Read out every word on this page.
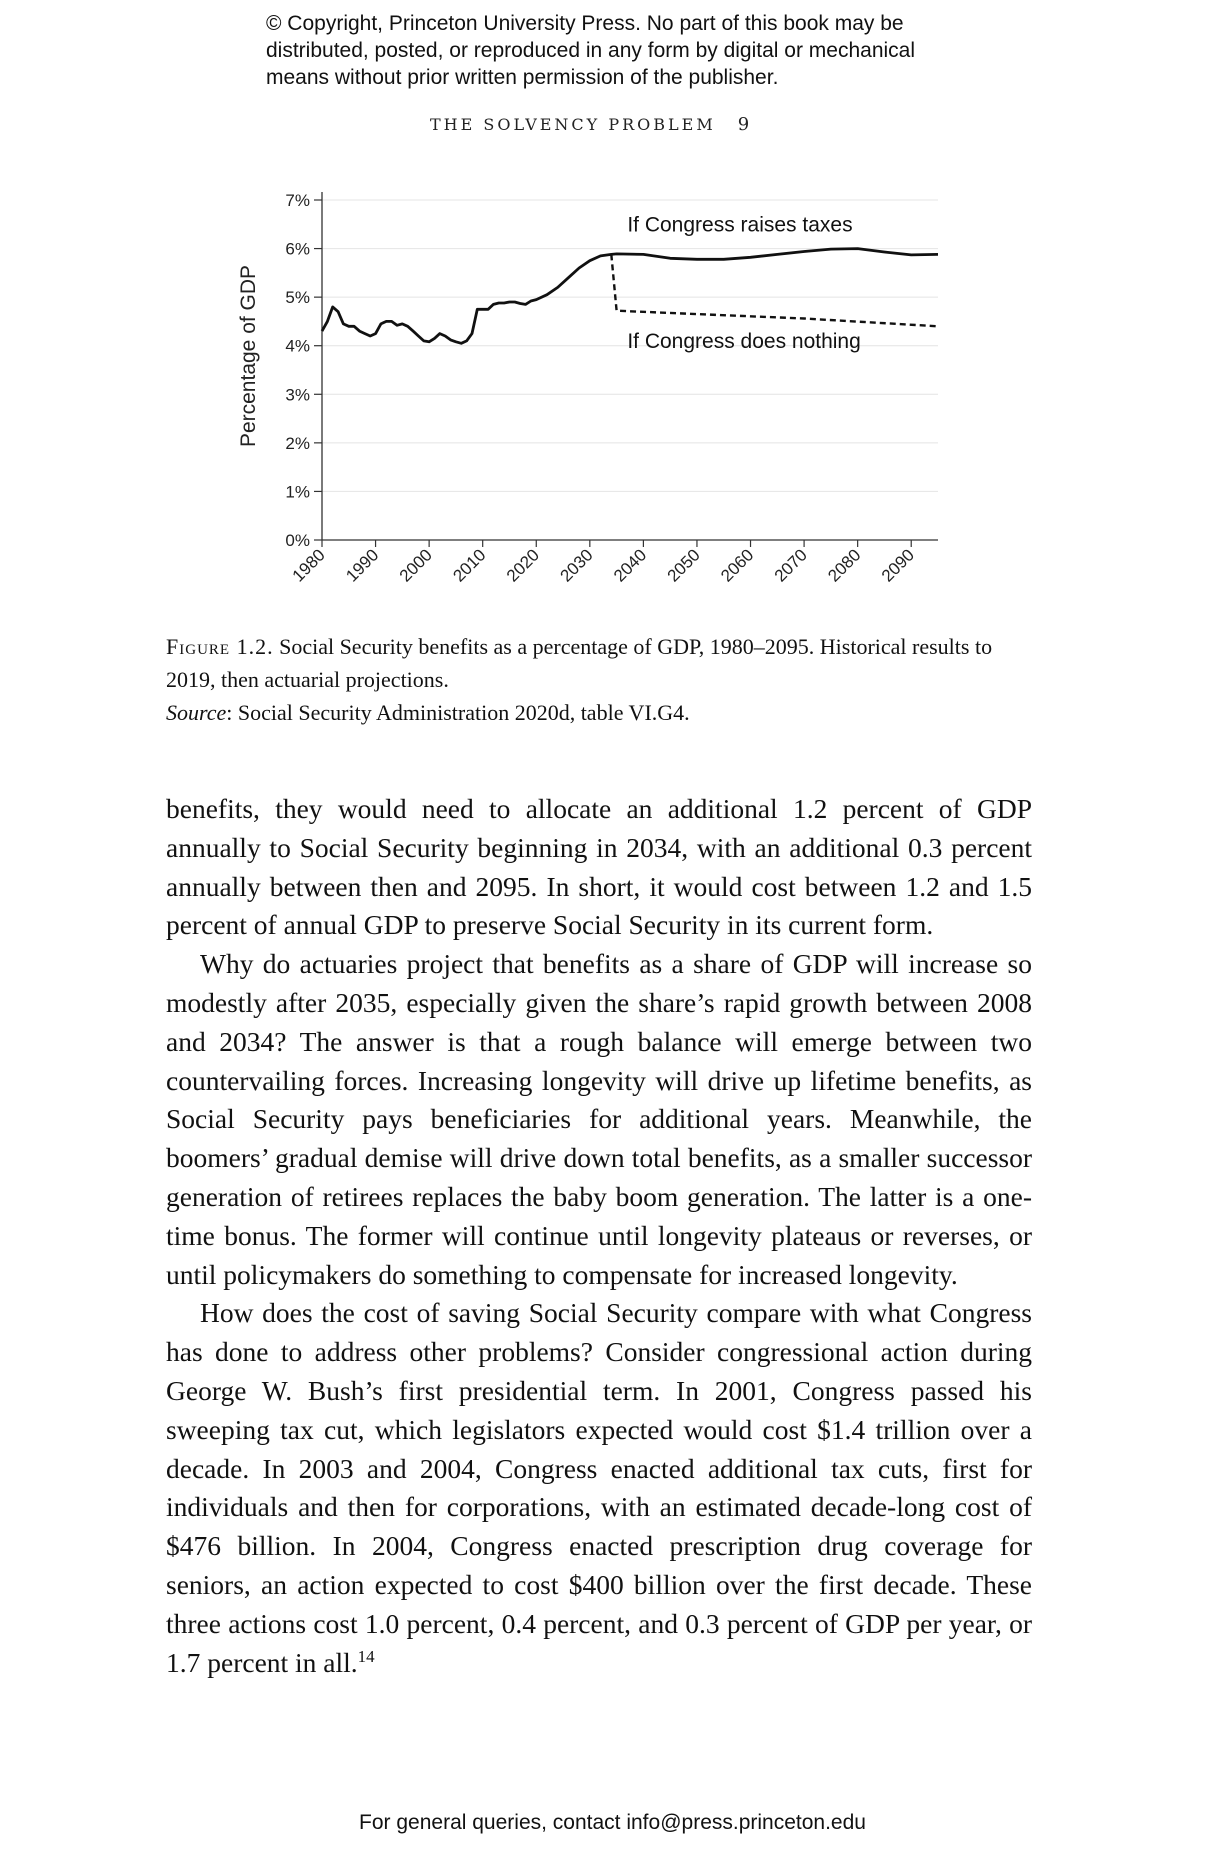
© Copyright, Princeton University Press. No part of this book may be
distributed, posted, or reproduced in any form by digital or mechanical
means without prior written permission of the publisher.
THE SOLVENCY PROBLEM 9
0%
1%
2%
3%
4%
5%
6%
7%
1980 1990 2000 2010 2020 2030 2040 2050 2060 2070 2080 2090
Percentage of GDP
If Congress raises taxes
If Congress does nothing
Figure 1.2. Social Security benefits as a percentage of GDP, 1980–2095. Historical results to 2019, then actuarial projections.
Source: Social Security Administration 2020d, table VI.G4.

benefits, they would need to allocate an additional 1.2 percent of GDP annually to Social Security beginning in 2034, with an additional 0.3 percent annually between then and 2095. In short, it would cost between 1.2 and 1.5 percent of annual GDP to preserve Social Security in its current form.

Why do actuaries project that benefits as a share of GDP will increase so modestly after 2035, especially given the share’s rapid growth between 2008 and 2034? The answer is that a rough balance will emerge between two countervailing forces. Increasing longevity will drive up lifetime benefits, as Social Security pays beneficiaries for additional years. Meanwhile, the boomers’ gradual demise will drive down total benefits, as a smaller successor generation of retirees replaces the baby boom generation. The latter is a one-time bonus. The former will continue until longevity plateaus or reverses, or until policymakers do something to compensate for increased longevity.

How does the cost of saving Social Security compare with what Congress has done to address other problems? Consider congressional action during George W. Bush’s first presidential term. In 2001, Congress passed his sweeping tax cut, which legislators expected would cost $1.4 trillion over a decade. In 2003 and 2004, Congress enacted additional tax cuts, first for individuals and then for corporations, with an estimated decade-long cost of $476 billion. In 2004, Congress enacted prescription drug coverage for seniors, an action expected to cost $400 billion over the first decade. These three actions cost 1.0 percent, 0.4 percent, and 0.3 percent of GDP per year, or 1.7 percent in all.$^{14}$

For general queries, contact info@press.princeton.edu
